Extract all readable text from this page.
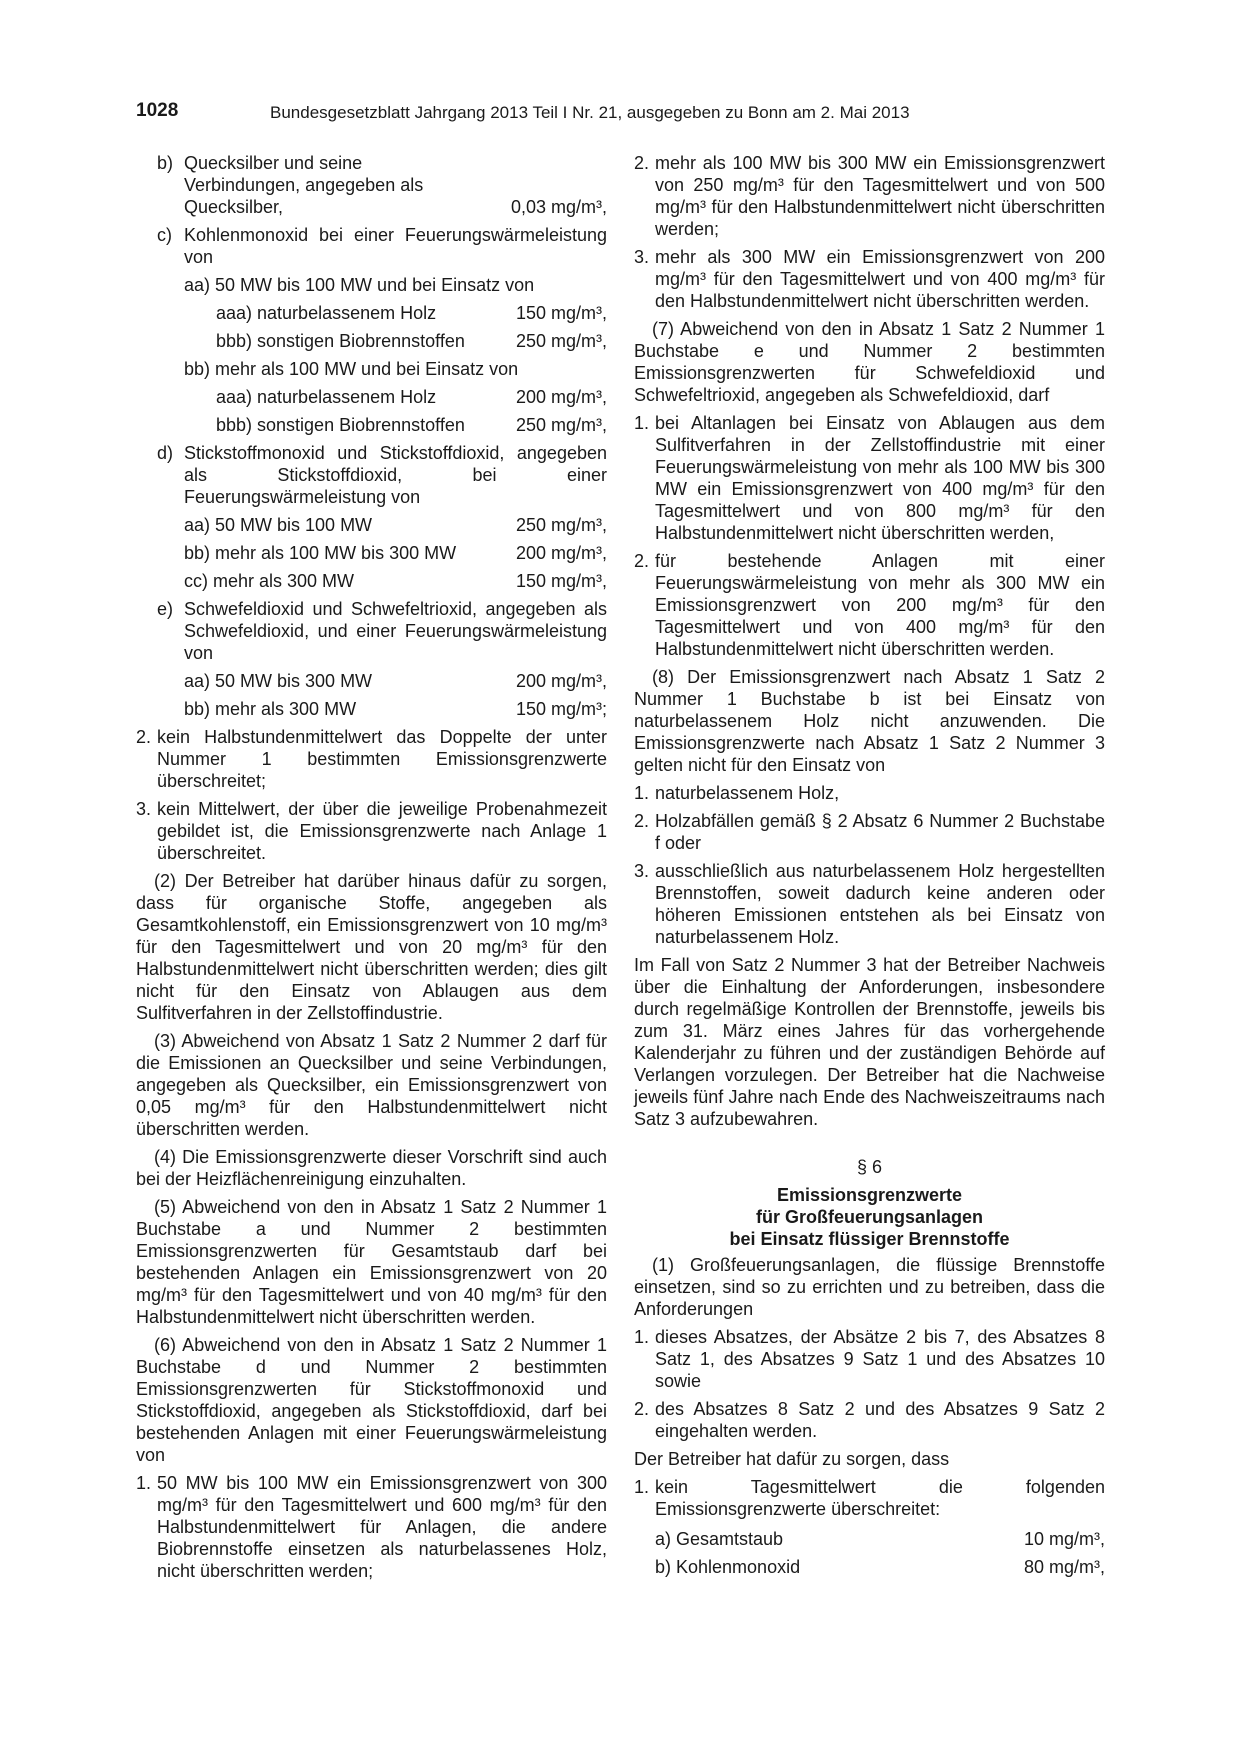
1028	Bundesgesetzblatt Jahrgang 2013 Teil I Nr. 21, ausgegeben zu Bonn am 2. Mai 2013
b) Quecksilber und seine
Verbindungen, angegeben als
Quecksilber,	0,03 mg/m³,
c) Kohlenmonoxid bei einer Feuerungswärmeleistung von
aa) 50 MW bis 100 MW und bei Einsatz von
aaa) naturbelassenem Holz	150 mg/m³,
bbb) sonstigen Biobrennstoffen	250 mg/m³,
bb) mehr als 100 MW und bei Einsatz von
aaa) naturbelassenem Holz	200 mg/m³,
bbb) sonstigen Biobrennstoffen	250 mg/m³,
d) Stickstoffmonoxid und Stickstoffdioxid, angegeben als Stickstoffdioxid, bei einer Feuerungswärmeleistung von
aa) 50 MW bis 100 MW	250 mg/m³,
bb) mehr als 100 MW bis 300 MW	200 mg/m³,
cc) mehr als 300 MW	150 mg/m³,
e) Schwefeldioxid und Schwefeltrioxid, angegeben als Schwefeldioxid, und einer Feuerungswärmeleistung von
aa) 50 MW bis 300 MW	200 mg/m³,
bb) mehr als 300 MW	150 mg/m³;
2. kein Halbstundenmittelwert das Doppelte der unter Nummer 1 bestimmten Emissionsgrenzwerte überschreitet;
3. kein Mittelwert, der über die jeweilige Probenahmezeit gebildet ist, die Emissionsgrenzwerte nach Anlage 1 überschreitet.

(2) Der Betreiber hat darüber hinaus dafür zu sorgen, dass für organische Stoffe, angegeben als Gesamtkohlenstoff, ein Emissionsgrenzwert von 10 mg/m³ für den Tagesmittelwert und von 20 mg/m³ für den Halbstundenmittelwert nicht überschritten werden; dies gilt nicht für den Einsatz von Ablaugen aus dem Sulfitverfahren in der Zellstoffindustrie.

(3) Abweichend von Absatz 1 Satz 2 Nummer 2 darf für die Emissionen an Quecksilber und seine Verbindungen, angegeben als Quecksilber, ein Emissionsgrenzwert von 0,05 mg/m³ für den Halbstundenmittelwert nicht überschritten werden.

(4) Die Emissionsgrenzwerte dieser Vorschrift sind auch bei der Heizflächenreinigung einzuhalten.

(5) Abweichend von den in Absatz 1 Satz 2 Nummer 1 Buchstabe a und Nummer 2 bestimmten Emissionsgrenzwerten für Gesamtstaub darf bei bestehenden Anlagen ein Emissionsgrenzwert von 20 mg/m³ für den Tagesmittelwert und von 40 mg/m³ für den Halbstundenmittelwert nicht überschritten werden.

(6) Abweichend von den in Absatz 1 Satz 2 Nummer 1 Buchstabe d und Nummer 2 bestimmten Emissionsgrenzwerten für Stickstoffmonoxid und Stickstoffdioxid, angegeben als Stickstoffdioxid, darf bei bestehenden Anlagen mit einer Feuerungswärmeleistung von

1. 50 MW bis 100 MW ein Emissionsgrenzwert von 300 mg/m³ für den Tagesmittelwert und 600 mg/m³ für den Halbstundenmittelwert für Anlagen, die andere Biobrennstoffe einsetzen als naturbelassenes Holz, nicht überschritten werden;
2. mehr als 100 MW bis 300 MW ein Emissionsgrenzwert von 250 mg/m³ für den Tagesmittelwert und von 500 mg/m³ für den Halbstundenmittelwert nicht überschritten werden;
3. mehr als 300 MW ein Emissionsgrenzwert von 200 mg/m³ für den Tagesmittelwert und von 400 mg/m³ für den Halbstundenmittelwert nicht überschritten werden.

(7) Abweichend von den in Absatz 1 Satz 2 Nummer 1 Buchstabe e und Nummer 2 bestimmten Emissionsgrenzwerten für Schwefeldioxid und Schwefeltrioxid, angegeben als Schwefeldioxid, darf

1. bei Altanlagen bei Einsatz von Ablaugen aus dem Sulfitverfahren in der Zellstoffindustrie mit einer Feuerungswärmeleistung von mehr als 100 MW bis 300 MW ein Emissionsgrenzwert von 400 mg/m³ für den Tagesmittelwert und von 800 mg/m³ für den Halbstundenmittelwert nicht überschritten werden,
2. für bestehende Anlagen mit einer Feuerungswärmeleistung von mehr als 300 MW ein Emissionsgrenzwert von 200 mg/m³ für den Tagesmittelwert und von 400 mg/m³ für den Halbstundenmittelwert nicht überschritten werden.

(8) Der Emissionsgrenzwert nach Absatz 1 Satz 2 Nummer 1 Buchstabe b ist bei Einsatz von naturbelassenem Holz nicht anzuwenden. Die Emissionsgrenzwerte nach Absatz 1 Satz 2 Nummer 3 gelten nicht für den Einsatz von

1. naturbelassenem Holz,
2. Holzabfällen gemäß § 2 Absatz 6 Nummer 2 Buchstabe f oder
3. ausschließlich aus naturbelassenem Holz hergestellten Brennstoffen, soweit dadurch keine anderen oder höheren Emissionen entstehen als bei Einsatz von naturbelassenem Holz.

Im Fall von Satz 2 Nummer 3 hat der Betreiber Nachweis über die Einhaltung der Anforderungen, insbesondere durch regelmäßige Kontrollen der Brennstoffe, jeweils bis zum 31. März eines Jahres für das vorhergehende Kalenderjahr zu führen und der zuständigen Behörde auf Verlangen vorzulegen. Der Betreiber hat die Nachweise jeweils fünf Jahre nach Ende des Nachweiszeitraums nach Satz 3 aufzubewahren.

§ 6
Emissionsgrenzwerte
für Großfeuerungsanlagen
bei Einsatz flüssiger Brennstoffe

(1) Großfeuerungsanlagen, die flüssige Brennstoffe einsetzen, sind so zu errichten und zu betreiben, dass die Anforderungen

1. dieses Absatzes, der Absätze 2 bis 7, des Absatzes 8 Satz 1, des Absatzes 9 Satz 1 und des Absatzes 10 sowie
2. des Absatzes 8 Satz 2 und des Absatzes 9 Satz 2 eingehalten werden.

Der Betreiber hat dafür zu sorgen, dass

1. kein Tagesmittelwert die folgenden Emissionsgrenzwerte überschreitet:
a) Gesamtstaub	10 mg/m³,
b) Kohlenmonoxid	80 mg/m³,
